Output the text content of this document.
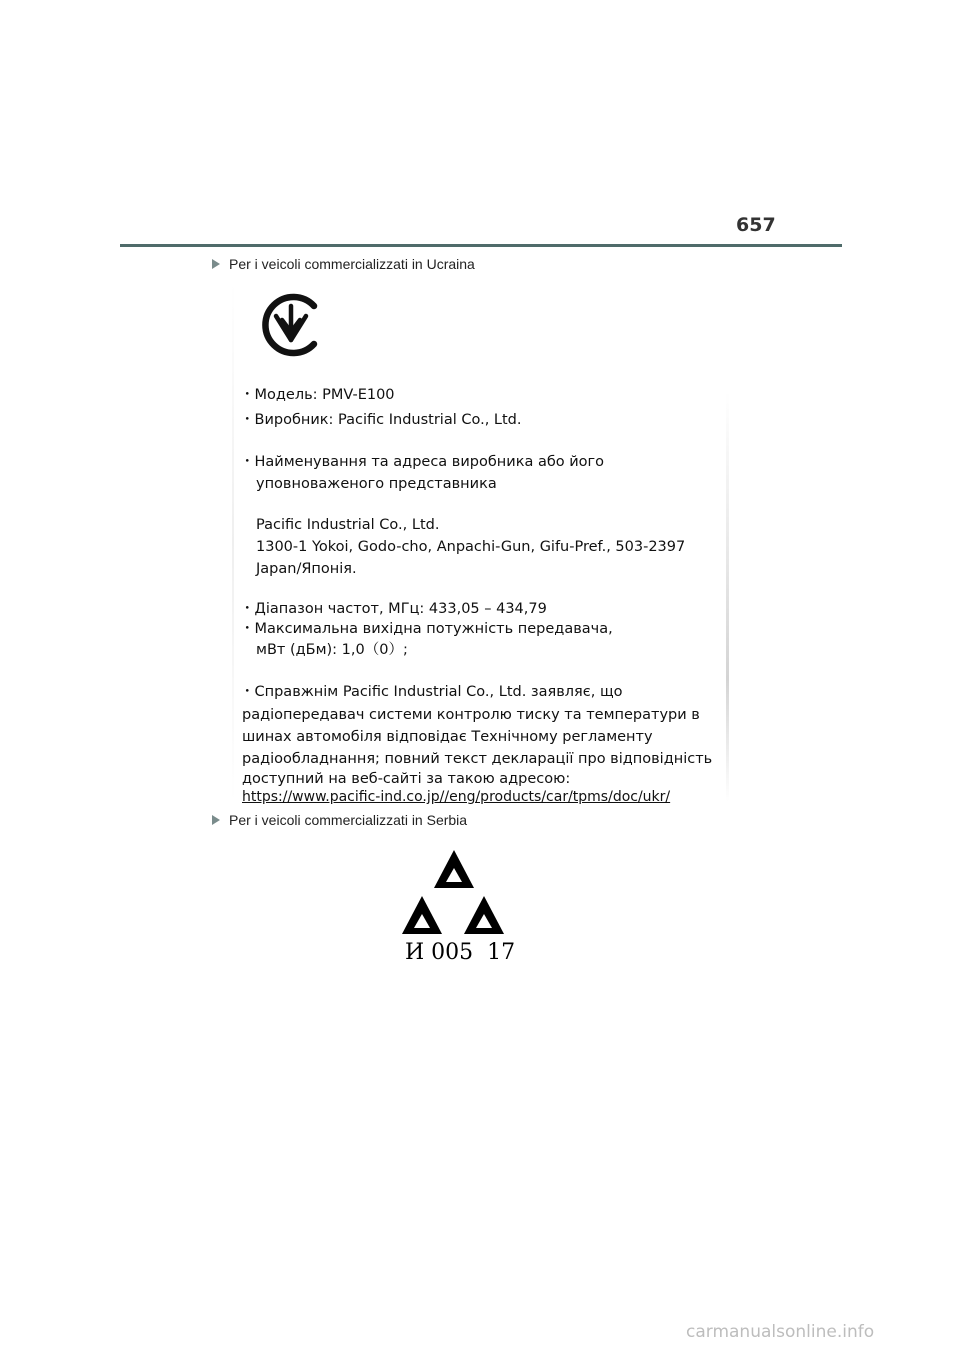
657
Per i veicoli commercializzati in Ucraina
・Модель: PMV-E100
・Виробник: Pacific Industrial Co., Ltd.
・Найменування та адреса виробника або його
уповноваженого представника
Pacific Industrial Co., Ltd.
1300-1 Yokoi, Godo-cho, Anpachi-Gun, Gifu-Pref., 503-2397
Japan/Японія.
・Діапазон частот, МГц: 433,05 – 434,79
・Максимальна вихідна потужність передавача,
мВт (дБм): 1,0（0）;
・Справжнім Pacific Industrial Co., Ltd. заявляє, що
радіопередавач системи контролю тиску та температури в
шинах автомобіля відповідає Технічному регламенту
радіообладнання; повний текст декларації про відповідність
доступний на веб-сайті за такою адресою:
https://www.pacific-ind.co.jp//eng/products/car/tpms/doc/ukr/
Per i veicoli commercializzati in Serbia
И 005  17
carmanualsonline.info
